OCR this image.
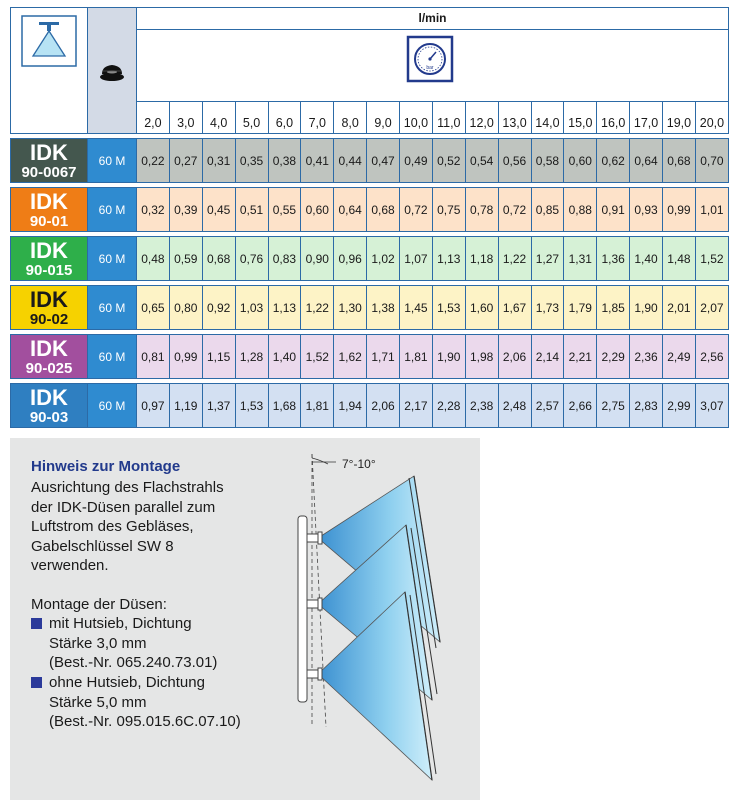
		l/min																	

bar																	

		2,0	3,0	4,0	5,0	6,0	7,0	8,0	9,0	10,0	11,0	12,0	13,0	14,0	15,0	16,0	17,0	19,0	20,0

IDK
90-0067	60 M	0,22	0,27	0,31	0,35	0,38	0,41	0,44	0,47	0,49	0,52	0,54	0,56	0,58	0,60	0,62	0,64	0,68	0,70

IDK
90-01	60 M	0,32	0,39	0,45	0,51	0,55	0,60	0,64	0,68	0,72	0,75	0,78	0,72	0,85	0,88	0,91	0,93	0,99	1,01

IDK
90-015	60 M	0,48	0,59	0,68	0,76	0,83	0,90	0,96	1,02	1,07	1,13	1,18	1,22	1,27	1,31	1,36	1,40	1,48	1,52

IDK
90-02	60 M	0,65	0,80	0,92	1,03	1,13	1,22	1,30	1,38	1,45	1,53	1,60	1,67	1,73	1,79	1,85	1,90	2,01	2,07

IDK
90-025	60 M	0,81	0,99	1,15	1,28	1,40	1,52	1,62	1,71	1,81	1,90	1,98	2,06	2,14	2,21	2,29	2,36	2,49	2,56

IDK
90-03	60 M	0,97	1,19	1,37	1,53	1,68	1,81	1,94	2,06	2,17	2,28	2,38	2,48	2,57	2,66	2,75	2,83	2,99	3,07
Hinweis zur Montage
Ausrichtung des Flachstrahls
der IDK-Düsen parallel zum
Luftstrom des Gebläses,
Gabelschlüssel SW 8
verwenden.
Montage der Düsen:
mit Hutsieb, Dichtung
Stärke 3,0 mm
(Best.-Nr. 065.240.73.01)
ohne Hutsieb, Dichtung
Stärke 5,0 mm
(Best.-Nr. 095.015.6C.07.10)
7°-10°
